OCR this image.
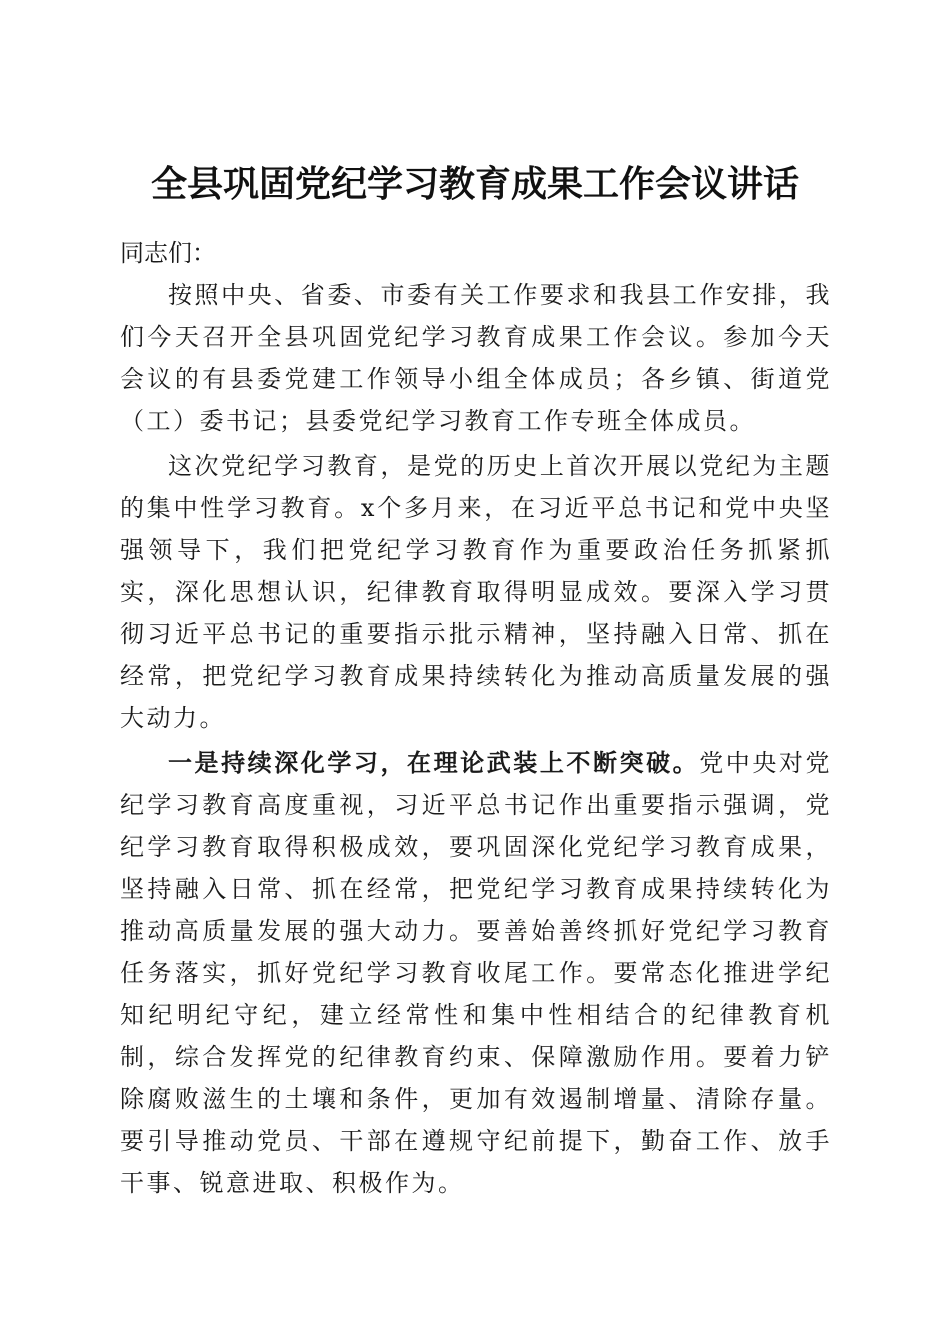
全县巩固党纪学习教育成果工作会议讲话

同志们：

按照中央、省委、市委有关工作要求和我县工作安排，我们今天召开全县巩固党纪学习教育成果工作会议。参加今天会议的有县委党建工作领导小组全体成员；各乡镇、街道党（工）委书记；县委党纪学习教育工作专班全体成员。

这次党纪学习教育，是党的历史上首次开展以党纪为主题的集中性学习教育。x个多月来，在习近平总书记和党中央坚强领导下，我们把党纪学习教育作为重要政治任务抓紧抓实，深化思想认识，纪律教育取得明显成效。要深入学习贯彻习近平总书记的重要指示批示精神，坚持融入日常、抓在经常，把党纪学习教育成果持续转化为推动高质量发展的强大动力。

一是持续深化学习，在理论武装上不断突破。党中央对党纪学习教育高度重视，习近平总书记作出重要指示强调，党纪学习教育取得积极成效，要巩固深化党纪学习教育成果，坚持融入日常、抓在经常，把党纪学习教育成果持续转化为推动高质量发展的强大动力。要善始善终抓好党纪学习教育任务落实，抓好党纪学习教育收尾工作。要常态化推进学纪知纪明纪守纪，建立经常性和集中性相结合的纪律教育机制，综合发挥党的纪律教育约束、保障激励作用。要着力铲除腐败滋生的土壤和条件，更加有效遏制增量、清除存量。要引导推动党员、干部在遵规守纪前提下，勤奋工作、放手干事、锐意进取、积极作为。
